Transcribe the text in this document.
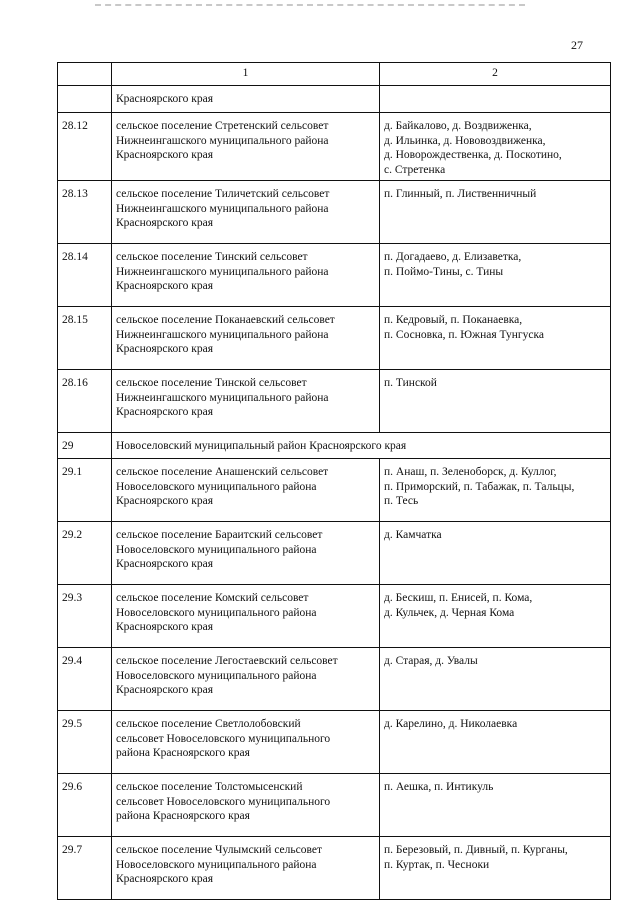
27
	1	2
	Красноярского края	
28.12	сельское поселение Стретенский сельсовет
Нижнеингашского муниципального района
Красноярского края	д. Байкалово, д. Воздвиженка,
д. Ильинка, д. Нововоздвиженка,
д. Новорождественка, д. Поскотино,
с. Стретенка

28.13	сельское поселение Тиличетский сельсовет
Нижнеингашского муниципального района
Красноярского края	п. Глинный, п. Лиственничный

28.14	сельское поселение Тинский сельсовет
Нижнеингашского муниципального района
Красноярского края	п. Догадаево, д. Елизаветка,
п. Поймо-Тины, с. Тины

28.15	сельское поселение Поканаевский сельсовет
Нижнеингашского муниципального района
Красноярского края	п. Кедровый, п. Поканаевка,
п. Сосновка, п. Южная Тунгуска

28.16	сельское поселение Тинской сельсовет
Нижнеингашского муниципального района
Красноярского края	п. Тинской

29	Новоселовский муниципальный район Красноярского края	
29.1	сельское поселение Анашенский сельсовет
Новоселовского муниципального района
Красноярского края	п. Анаш, п. Зеленоборск, д. Куллог,
п. Приморский, п. Табажак, п. Тальцы,
п. Тесь

29.2	сельское поселение Бараитский сельсовет
Новоселовского муниципального района
Красноярского края	д. Камчатка

29.3	сельское поселение Комский сельсовет
Новоселовского муниципального района
Красноярского края	д. Бескиш, п. Енисей, п. Кома,
д. Кульчек, д. Черная Кома

29.4	сельское поселение Легостаевский сельсовет
Новоселовского муниципального района
Красноярского края	д. Старая, д. Увалы

29.5	сельское поселение Светлолобовский
сельсовет Новоселовского муниципального
района Красноярского края	д. Карелино, д. Николаевка

29.6	сельское поселение Толстомысенский
сельсовет Новоселовского муниципального
района Красноярского края	п. Аешка, п. Интикуль

29.7	сельское поселение Чулымский сельсовет
Новоселовского муниципального района
Красноярского края	п. Березовый, п. Дивный, п. Курганы,
п. Куртак, п. Чесноки
